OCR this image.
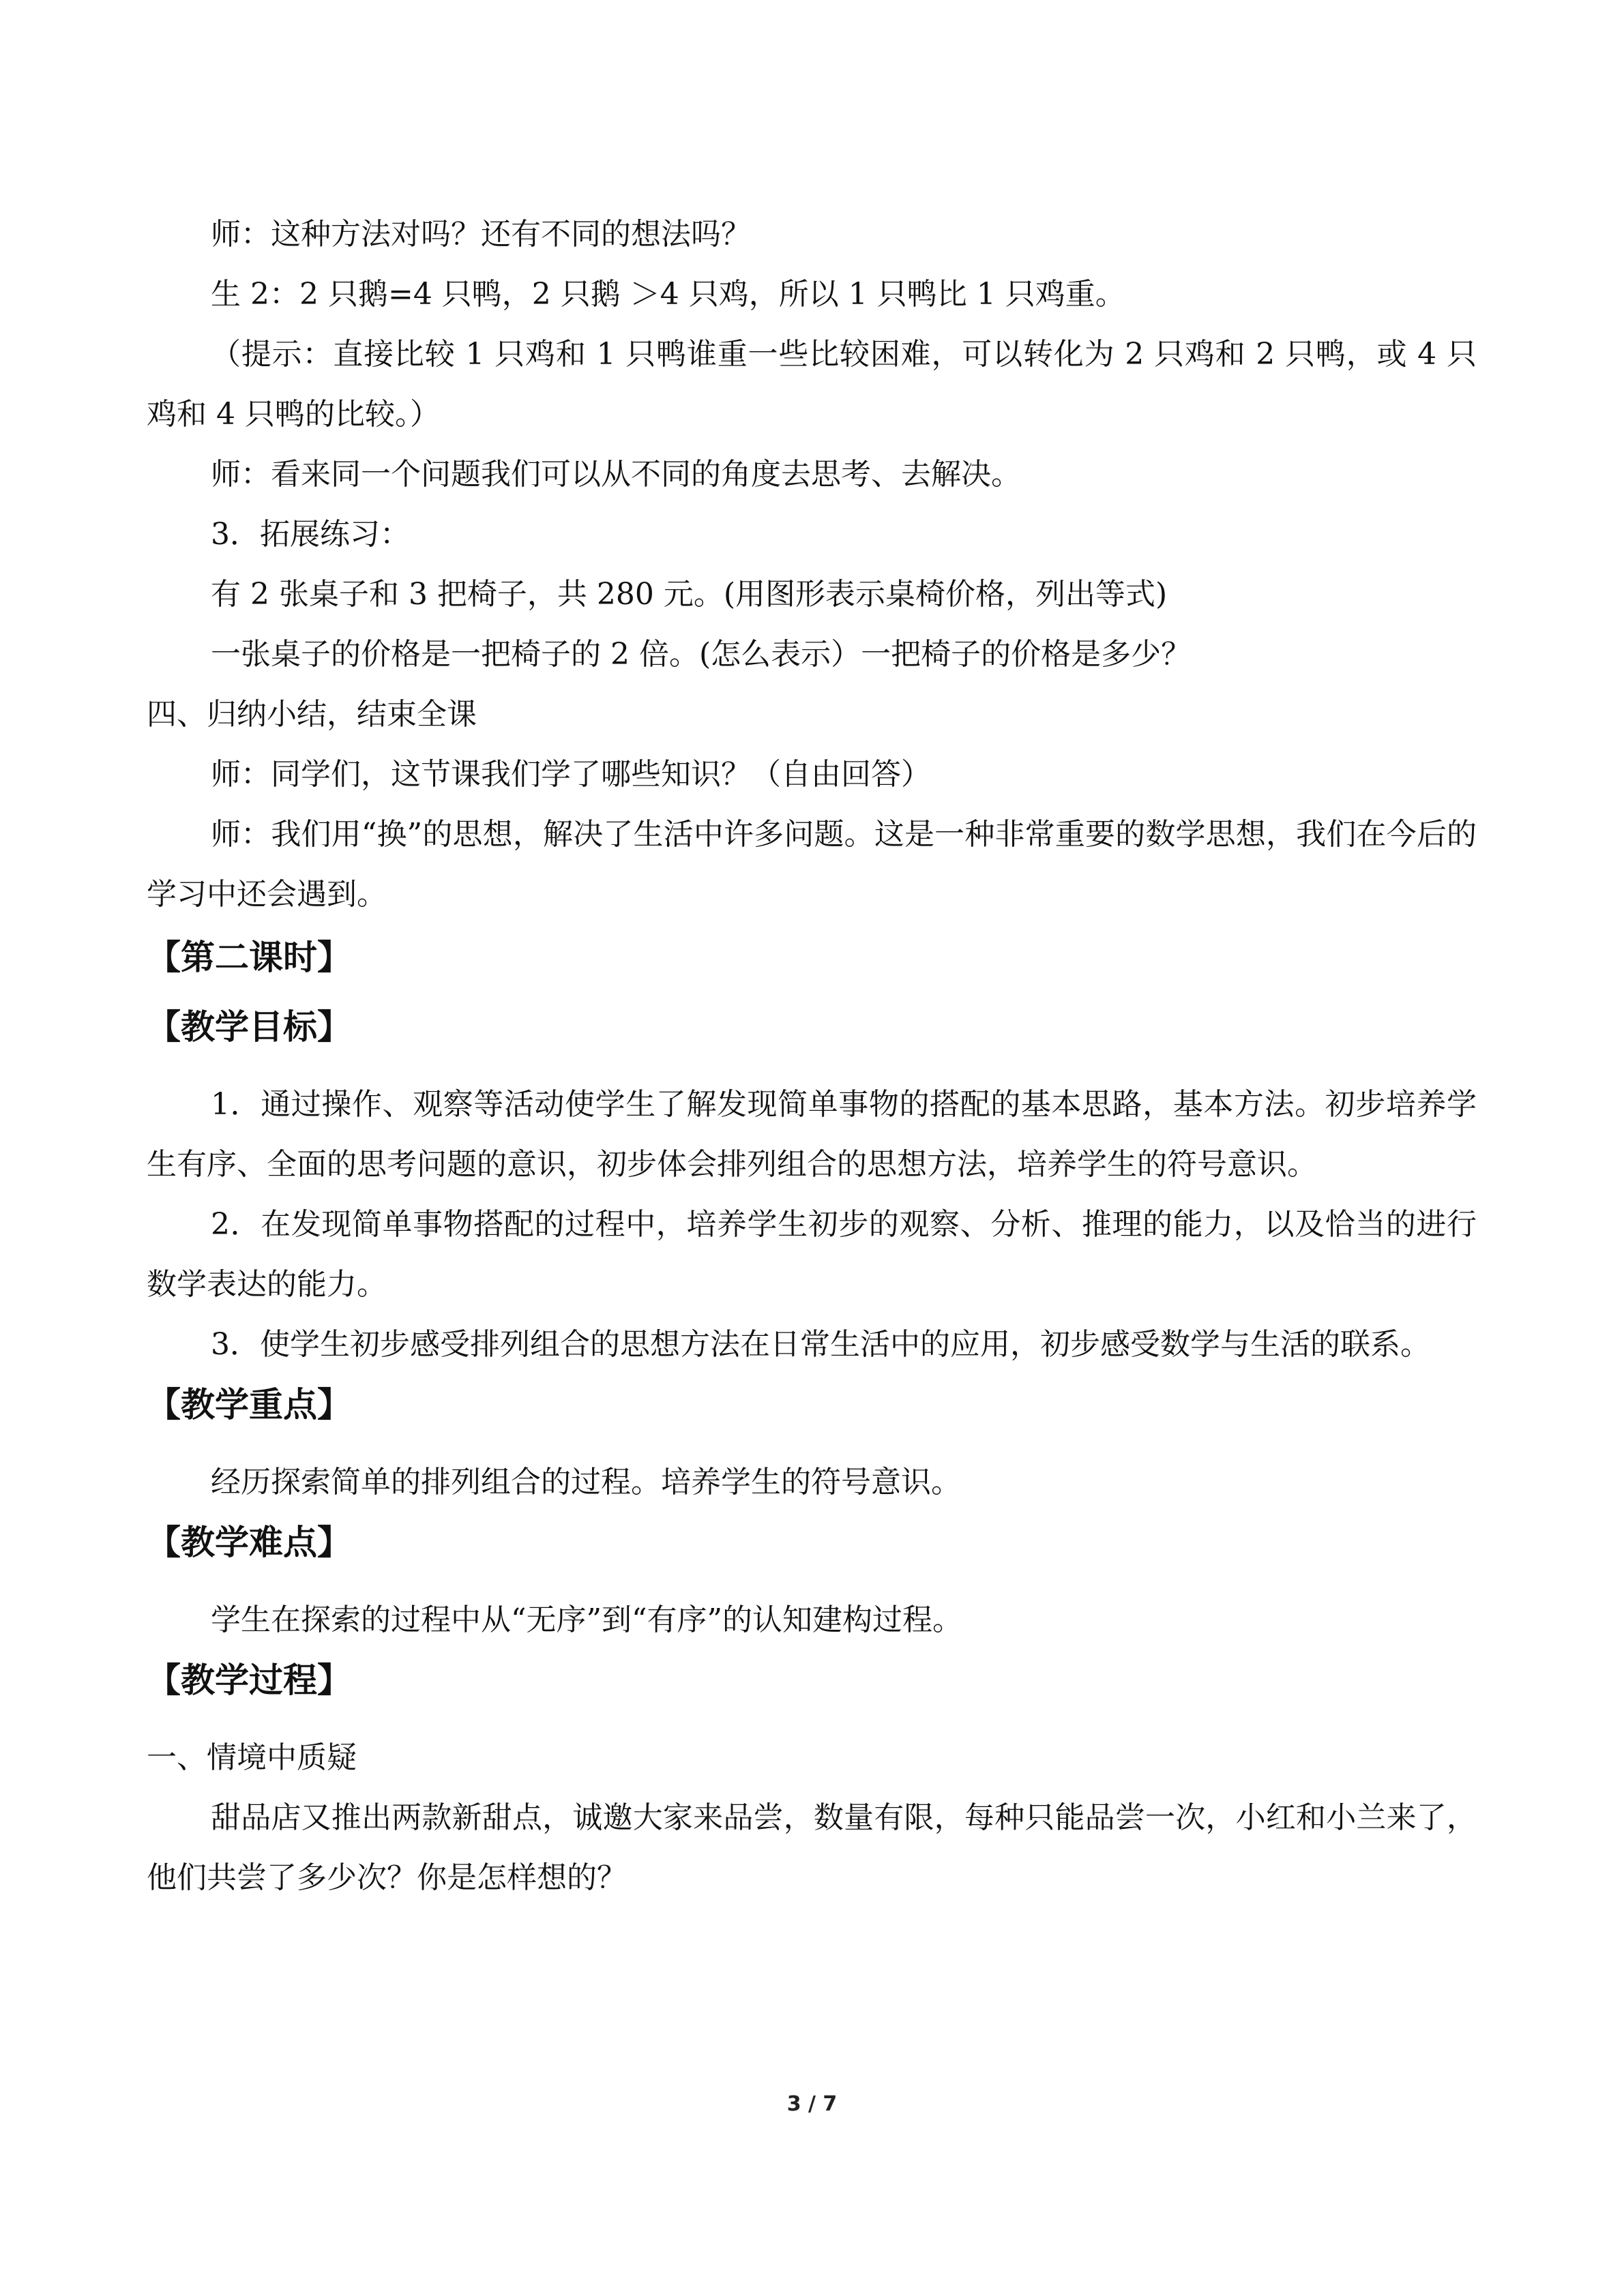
师：这种方法对吗？还有不同的想法吗？

生 2：2 只鹅=4 只鸭，2 只鹅 ＞4 只鸡，所以 1 只鸭比 1 只鸡重。

（提示：直接比较 1 只鸡和 1 只鸭谁重一些比较困难，可以转化为 2 只鸡和 2 只鸭，或 4 只鸡和 4 只鸭的比较。）

师：看来同一个问题我们可以从不同的角度去思考、去解决。

3．拓展练习：

有 2 张桌子和 3 把椅子，共 280 元。(用图形表示桌椅价格，列出等式)

一张桌子的价格是一把椅子的 2 倍。(怎么表示）一把椅子的价格是多少？

四、归纳小结，结束全课

师：同学们，这节课我们学了哪些知识？（自由回答）

师：我们用“换”的思想，解决了生活中许多问题。这是一种非常重要的数学思想，我们在今后的学习中还会遇到。

【第二课时】
【教学目标】

1．通过操作、观察等活动使学生了解发现简单事物的搭配的基本思路，基本方法。初步培养学生有序、全面的思考问题的意识，初步体会排列组合的思想方法，培养学生的符号意识。

2．在发现简单事物搭配的过程中，培养学生初步的观察、分析、推理的能力，以及恰当的进行数学表达的能力。

3．使学生初步感受排列组合的思想方法在日常生活中的应用，初步感受数学与生活的联系。

【教学重点】

经历探索简单的排列组合的过程。培养学生的符号意识。

【教学难点】

学生在探索的过程中从“无序”到“有序”的认知建构过程。

【教学过程】

一、情境中质疑

甜品店又推出两款新甜点，诚邀大家来品尝，数量有限，每种只能品尝一次，小红和小兰来了，他们共尝了多少次？你是怎样想的？

3 / 7
